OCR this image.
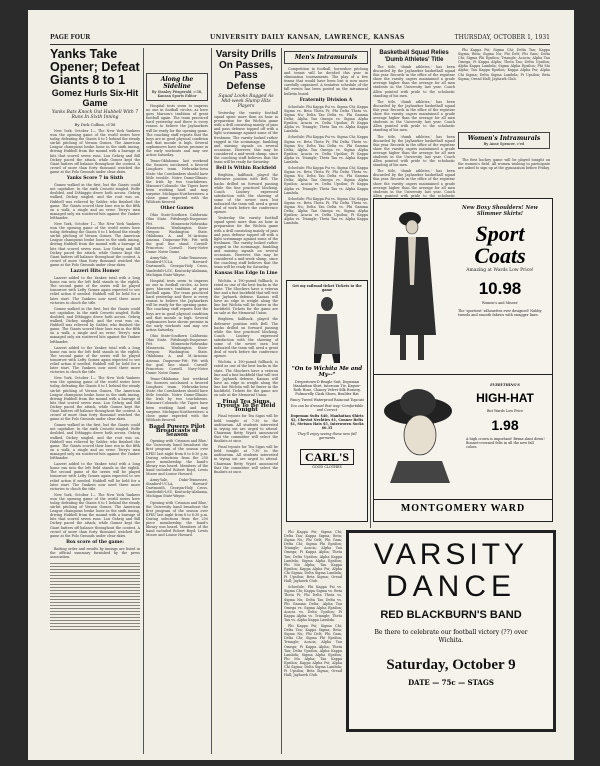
PAGE FOUR	UNIVERSITY DAILY KANSAN, LAWRENCE, KANSAS	THURSDAY, OCTOBER 1, 1931
Yanks Take Opener; Defeat Giants 8 to 1
Gomez Hurls Six-Hit Game
Yanks Bats Knock Out Hubbell With 7 Runs In Sixth Inning
By Dick Collins, cl'36

New York, October 1— The New York Yankees won the opening game of the world series here today, defeating the Giants 8 to 1 behind the steady six-hit pitching of Vernon Gomez. The American League champions broke loose in the sixth inning, driving Hubbell from the mound with a barrage of hits that scored seven runs. Lou Gehrig and Bill Dickey paced the attack, while Gomez kept the Giant batters off balance throughout the contest. A crowd of more than forty thousand watched the game at the Polo Grounds under clear skies.

Yanks Score 7 in Sixth

Gomez walked in the first, but the Giants could not capitalize. In the sixth Crosetti singled, Rolfe doubled, and DiMaggio drove both across. Gehrig walked, Dickey singled, and the rout was on. Hubbell was relieved by Gabler, who finished the game. The Giants scored their lone run in the fifth on a walk, a single and an error. Terry's men managed only six scattered hits against the Yankee lefthander.

New York, October 1— The New York Yankees won the opening game of the world series here today, defeating the Giants 8 to 1 behind the steady six-hit pitching of Vernon Gomez. The American League champions broke loose in the sixth inning, driving Hubbell from the mound with a barrage of hits that scored seven runs. Lou Gehrig and Bill Dickey paced the attack, while Gomez kept the Giant batters off balance throughout the contest. A crowd of more than forty thousand watched the game at the Polo Grounds under clear skies.

Lazzeri Hits Homer

Lazzeri added to the Yankee total with a long home run into the left field stands in the eighth. The second game of the series will be played tomorrow with Lefty Gomez again expected to see relief action if needed. Hubbell will be held for a later start. The Yankees now need three more victories to clinch the title.

Gomez walked in the first, but the Giants could not capitalize. In the sixth Crosetti singled, Rolfe doubled, and DiMaggio drove both across. Gehrig walked, Dickey singled, and the rout was on. Hubbell was relieved by Gabler, who finished the game. The Giants scored their lone run in the fifth on a walk, a single and an error. Terry's men managed only six scattered hits against the Yankee lefthander.

Lazzeri added to the Yankee total with a long home run into the left field stands in the eighth. The second game of the series will be played tomorrow with Lefty Gomez again expected to see relief action if needed. Hubbell will be held for a later start. The Yankees now need three more victories to clinch the title.

New York, October 1— The New York Yankees won the opening game of the world series here today, defeating the Giants 8 to 1 behind the steady six-hit pitching of Vernon Gomez. The American League champions broke loose in the sixth inning, driving Hubbell from the mound with a barrage of hits that scored seven runs. Lou Gehrig and Bill Dickey paced the attack, while Gomez kept the Giant batters off balance throughout the contest. A crowd of more than forty thousand watched the game at the Polo Grounds under clear skies.

Gomez walked in the first, but the Giants could not capitalize. In the sixth Crosetti singled, Rolfe doubled, and DiMaggio drove both across. Gehrig walked, Dickey singled, and the rout was on. Hubbell was relieved by Gabler, who finished the game. The Giants scored their lone run in the fifth on a walk, a single and an error. Terry's men managed only six scattered hits against the Yankee lefthander.

Lazzeri added to the Yankee total with a long home run into the left field stands in the eighth. The second game of the series will be played tomorrow with Lefty Gomez again expected to see relief action if needed. Hubbell will be held for a later start. The Yankees now need three more victories to clinch the title.

New York, October 1— The New York Yankees won the opening game of the world series here today, defeating the Giants 8 to 1 behind the steady six-hit pitching of Vernon Gomez. The American League champions broke loose in the sixth inning, driving Hubbell from the mound with a barrage of hits that scored seven runs. Lou Gehrig and Bill Dickey paced the attack, while Gomez kept the Giant batters off balance throughout the contest. A crowd of more than forty thousand watched the game at the Polo Grounds under clear skies.

Box score of the game:

Batting order and results by innings are listed in the official summary furnished by the press association.

Along the Sideline
By Stanley Fitzgerald, c'38, Kansan Sports Editor

Hospital tests seem to impress no one in football circles, as here goes Maroon's tradition of great football again. The team practiced hard yesterday and there is every reason to believe the Jayhawkers will be ready for the opening game. The coaching staff reports that the boys are in good physical condition and that morale is high. Several sophomores have shown promise in the early workouts and may see action Saturday.

Texas-Oklahoma: last weekend the Sooners outclassed a favored Longhorn team. Nebraska-Iowa State: the Cornhuskers should have little trouble. Notre Dame-Illinois: the Irish by two touchdowns. Missouri-Colorado: the Tigers have been working hard and may surprise. Michigan-Northwestern: a close game expected with the Wildcats favored.

Other Games

Ohio State-Southern California: Ohio State. Pittsburgh-Duquesne: Pitt. Minnesota-Nebraska: Minnesota. Washington State-Oregon: Washington State. Oklahoma A. and M.-Arizona: Arizona. Duquesne-Pitt: Pitt with the goal line stand. Cornell-Princeton: Cornell. Navy-Notre Dame: Notre Dame.

Army-Yale, Duke-Tennessee, Stanford-UCLA, Harvard-Dartmouth, Georgia-Holy Cross, Vanderbilt-LSU, Kentucky-Alabama, Michigan State-Wayne.

Hospital tests seem to impress no one in football circles, as here goes Maroon's tradition of great football again. The team practiced hard yesterday and there is every reason to believe the Jayhawkers will be ready for the opening game. The coaching staff reports that the boys are in good physical condition and that morale is high. Several sophomores have shown promise in the early workouts and may see action Saturday.

Ohio State-Southern California: Ohio State. Pittsburgh-Duquesne: Pitt. Minnesota-Nebraska: Minnesota. Washington State-Oregon: Washington State. Oklahoma A. and M.-Arizona: Arizona. Duquesne-Pitt: Pitt with the goal line stand. Cornell-Princeton: Cornell. Navy-Notre Dame: Notre Dame.

Texas-Oklahoma: last weekend the Sooners outclassed a favored Longhorn team. Nebraska-Iowa State: the Cornhuskers should have little trouble. Notre Dame-Illinois: the Irish by two touchdowns. Missouri-Colorado: the Tigers have been working hard and may surprise. Michigan-Northwestern: a close game expected with the Wildcats favored.

Band Powers Pilot Broadcasts of Season

Opening with 'Crimson and Blue,' the University band broadcast the first program of the season over KFKU last night from 8 to 8:30 p.m. During selections from the 250 piece membership the band's library was heard. Members of the band included Robert Boyd, Lewis Moore and Louise Howard.

Army-Yale, Duke-Tennessee, Stanford-UCLA, Harvard-Dartmouth, Georgia-Holy Cross, Vanderbilt-LSU, Kentucky-Alabama, Michigan State-Wayne.

Opening with 'Crimson and Blue,' the University band broadcast the first program of the season over KFKU last night from 8 to 8:30 p.m. During selections from the 250 piece membership the band's library was heard. Members of the band included Robert Boyd, Lewis Moore and Louise Howard.

Varsity Drills On Passes, Pass Defense
Squad Looks Ragged As Mid-week Slump Hits Players

Yesterday the varsity football squad spent more than an hour in preparation for the Wichita game with a drill consisting mainly of pass and pass defense topped off with a light scrimmage against some of the freshmen. The varsity looked rather ragged in the scrimmage, fumbling and missing signals on several occasions. However, this may be considered a mid-week slump, since the coaching staff believes that the team will be ready for Saturday.

Bell Is Within Backfield

Brighten, halfback, played the defensive position with Bell. The backs drilled on forward passing while the line practiced blocking. Coach Lindsey expressed satisfaction with the showing of some of the newer men but indicated the team will need a great deal of work before the conference opener.

Yesterday the varsity football squad spent more than an hour in preparation for the Wichita game with a drill consisting mainly of pass and pass defense topped off with a light scrimmage against some of the freshmen. The varsity looked rather ragged in the scrimmage, fumbling and missing signals on several occasions. However, this may be considered a mid-week slump, since the coaching staff believes that the team will be ready for Saturday.

Kansas Has Edge In Line

Wichita, a 190-pound fullback, is rated as one of the best backs in the state. The Shockers have a veteran line and a fast backfield that will test the Jayhawk defense. Kansas will have an edge in weight along the line but Wichita will be faster in the backfield. Tickets for the game are on sale at the Memorial Union.

Brighten, halfback, played the defensive position with Bell. The backs drilled on forward passing while the line practiced blocking. Coach Lindsey expressed satisfaction with the showing of some of the newer men but indicated the team will need a great deal of work before the conference opener.

Wichita, a 190-pound fullback, is rated as one of the best backs in the state. The Shockers have a veteran line and a fast backfield that will test the Jayhawk defense. Kansas will have an edge in weight along the line but Wichita will be faster in the backfield. Tickets for the game are on sale at the Memorial Union.

Final Tea Signs Tryouts To Be Held Tonight

Final tryouts for Tea Signs will be held tonight at 7:30 in the auditorium. All students interested in trying out are urged to attend. Chairman Betty Wyatt announced that the committee will select the finalists at once.

Final tryouts for Tea Signs will be held tonight at 7:30 in the auditorium. All students interested in trying out are urged to attend. Chairman Betty Wyatt announced that the committee will select the finalists at once.

Men's Intramurals

Competition in football, horseshoe pitching and tennis will be decided this year in elimination tournaments. The play of a few teams that would have been lost is now more carefully organized. A tentative schedule of the fall events has been posted on the intramural bulletin board.

Fraternity Division A

Schedule: Phi Kappa Psi vs. Sigma Chi; Kappa Sigma vs. Beta Theta Pi; Phi Delta Theta vs. Sigma Nu; Delta Tau Delta vs. Phi Gamma Delta; Alpha Tau Omega vs. Sigma Alpha Epsilon; Acacia vs. Delta Upsilon; Pi Kappa Alpha vs. Triangle; Theta Tau vs. Alpha Kappa Lambda.

Schedule: Phi Kappa Psi vs. Sigma Chi; Kappa Sigma vs. Beta Theta Pi; Phi Delta Theta vs. Sigma Nu; Delta Tau Delta vs. Phi Gamma Delta; Alpha Tau Omega vs. Sigma Alpha Epsilon; Acacia vs. Delta Upsilon; Pi Kappa Alpha vs. Triangle; Theta Tau vs. Alpha Kappa Lambda.

Schedule: Phi Kappa Psi vs. Sigma Chi; Kappa Sigma vs. Beta Theta Pi; Phi Delta Theta vs. Sigma Nu; Delta Tau Delta vs. Phi Gamma Delta; Alpha Tau Omega vs. Sigma Alpha Epsilon; Acacia vs. Delta Upsilon; Pi Kappa Alpha vs. Triangle; Theta Tau vs. Alpha Kappa Lambda.

Schedule: Phi Kappa Psi vs. Sigma Chi; Kappa Sigma vs. Beta Theta Pi; Phi Delta Theta vs. Sigma Nu; Delta Tau Delta vs. Phi Gamma Delta; Alpha Tau Omega vs. Sigma Alpha Epsilon; Acacia vs. Delta Upsilon; Pi Kappa Alpha vs. Triangle; Theta Tau vs. Alpha Kappa Lambda.

Get my railroad ticket Tickets to the game
"On to Wichita Me and My--"
Drepertown-D Beagle Suit, Dopeman Manhattan Shirt, Intercom Tie, Kayser-Roth Hose, Chaney Velvet Silk Hosiery, Fulmorelly Clark Shoes, Boulder Hat
Fancy Tweed Waterproof Raincoat Topcoat
You can be dressed that way--Comfortable and Correct
Dopeman Suits $40, Manhattan Shirts $2, Cheviot Neckties $1, Conner Belts $1, Stetson Hats $5, Interwoven Socks $0.35
They'll enjoy seeing these new fall garments
CARL'S
GOOD CLOTHES
Basketball Squad Relies 'Dumb Athletes' Title

The title, 'dumb athletes,' has been discarded by the Jayhawker basketball squad this year. Records in the office of the registrar show the varsity cagers maintained a grade average higher than the average for all men students in the University last year. Coach Allen pointed with pride to the scholastic standing of his men.

The title, 'dumb athletes,' has been discarded by the Jayhawker basketball squad this year. Records in the office of the registrar show the varsity cagers maintained a grade average higher than the average for all men students in the University last year. Coach Allen pointed with pride to the scholastic standing of his men.

The title, 'dumb athletes,' has been discarded by the Jayhawker basketball squad this year. Records in the office of the registrar show the varsity cagers maintained a grade average higher than the average for all men students in the University last year. Coach Allen pointed with pride to the scholastic standing of his men.

The title, 'dumb athletes,' has been discarded by the Jayhawker basketball squad this year. Records in the office of the registrar show the varsity cagers maintained a grade average higher than the average for all men students in the University last year. Coach Allen pointed with pride to the scholastic

Phi Kappa Psi; Sigma Chi; Delta Tau; Kappa Sigma; Beta; Sigma Nu; Phi Delt; Phi Gam; Delta Chi; Sigma Phi Epsilon; Triangle; Acacia; Alpha Tau Omega; Pi Kappa Alpha; Theta Tau; Delta Upsilon; Alpha Kappa Lambda; Sigma Alpha Epsilon; Phi Mu Alpha; Tau Kappa Epsilon; Kappa Alpha Psi; Alpha Chi Sigma; Delta Sigma Lambda; Pi Upsilon; Beta Sigma; Oread Hall; Jayhawk Club.

Women's Intramurals
By Anne Spencer, c'ed

The first hockey game will be played tonight on the women's field. All women wishing to participate are asked to sign up at the gymnasium before Friday.

New Boxy Shoulders! New Slimmer Skirts!
Sport Coats
Amazing at Wards Low Price!
10.98
Women's and Misses'
The 'sportiest' silhouettes ever designed! Nubby tweeds and smooth fabrics with swagger lines.
EVERYTHING'S
HIGH-HAT
But Wards Low Price
1.98
A high crown is important! Brims slant down! Bonnet-crowned felts in all the new fall colors.
MONTGOMERY WARD
VARSITY
DANCE
RED BLACKBURN'S BAND
Be there to celebrate our football victory (??) over Wichita.
Saturday, October 9
DATE — 75c — STAGS

Phi Kappa Psi; Sigma Chi; Delta Tau; Kappa Sigma; Beta; Sigma Nu; Phi Delt; Phi Gam; Delta Chi; Sigma Phi Epsilon; Triangle; Acacia; Alpha Tau Omega; Pi Kappa Alpha; Theta Tau; Delta Upsilon; Alpha Kappa Lambda; Sigma Alpha Epsilon; Phi Mu Alpha; Tau Kappa Epsilon; Kappa Alpha Psi; Alpha Chi Sigma; Delta Sigma Lambda; Pi Upsilon; Beta Sigma; Oread Hall; Jayhawk Club.

Schedule: Phi Kappa Psi vs. Sigma Chi; Kappa Sigma vs. Beta Theta Pi; Phi Delta Theta vs. Sigma Nu; Delta Tau Delta vs. Phi Gamma Delta; Alpha Tau Omega vs. Sigma Alpha Epsilon; Acacia vs. Delta Upsilon; Pi Kappa Alpha vs. Triangle; Theta Tau vs. Alpha Kappa Lambda.

Phi Kappa Psi; Sigma Chi; Delta Tau; Kappa Sigma; Beta; Sigma Nu; Phi Delt; Phi Gam; Delta Chi; Sigma Phi Epsilon; Triangle; Acacia; Alpha Tau Omega; Pi Kappa Alpha; Theta Tau; Delta Upsilon; Alpha Kappa Lambda; Sigma Alpha Epsilon; Phi Mu Alpha; Tau Kappa Epsilon; Kappa Alpha Psi; Alpha Chi Sigma; Delta Sigma Lambda; Pi Upsilon; Beta Sigma; Oread Hall; Jayhawk Club.
